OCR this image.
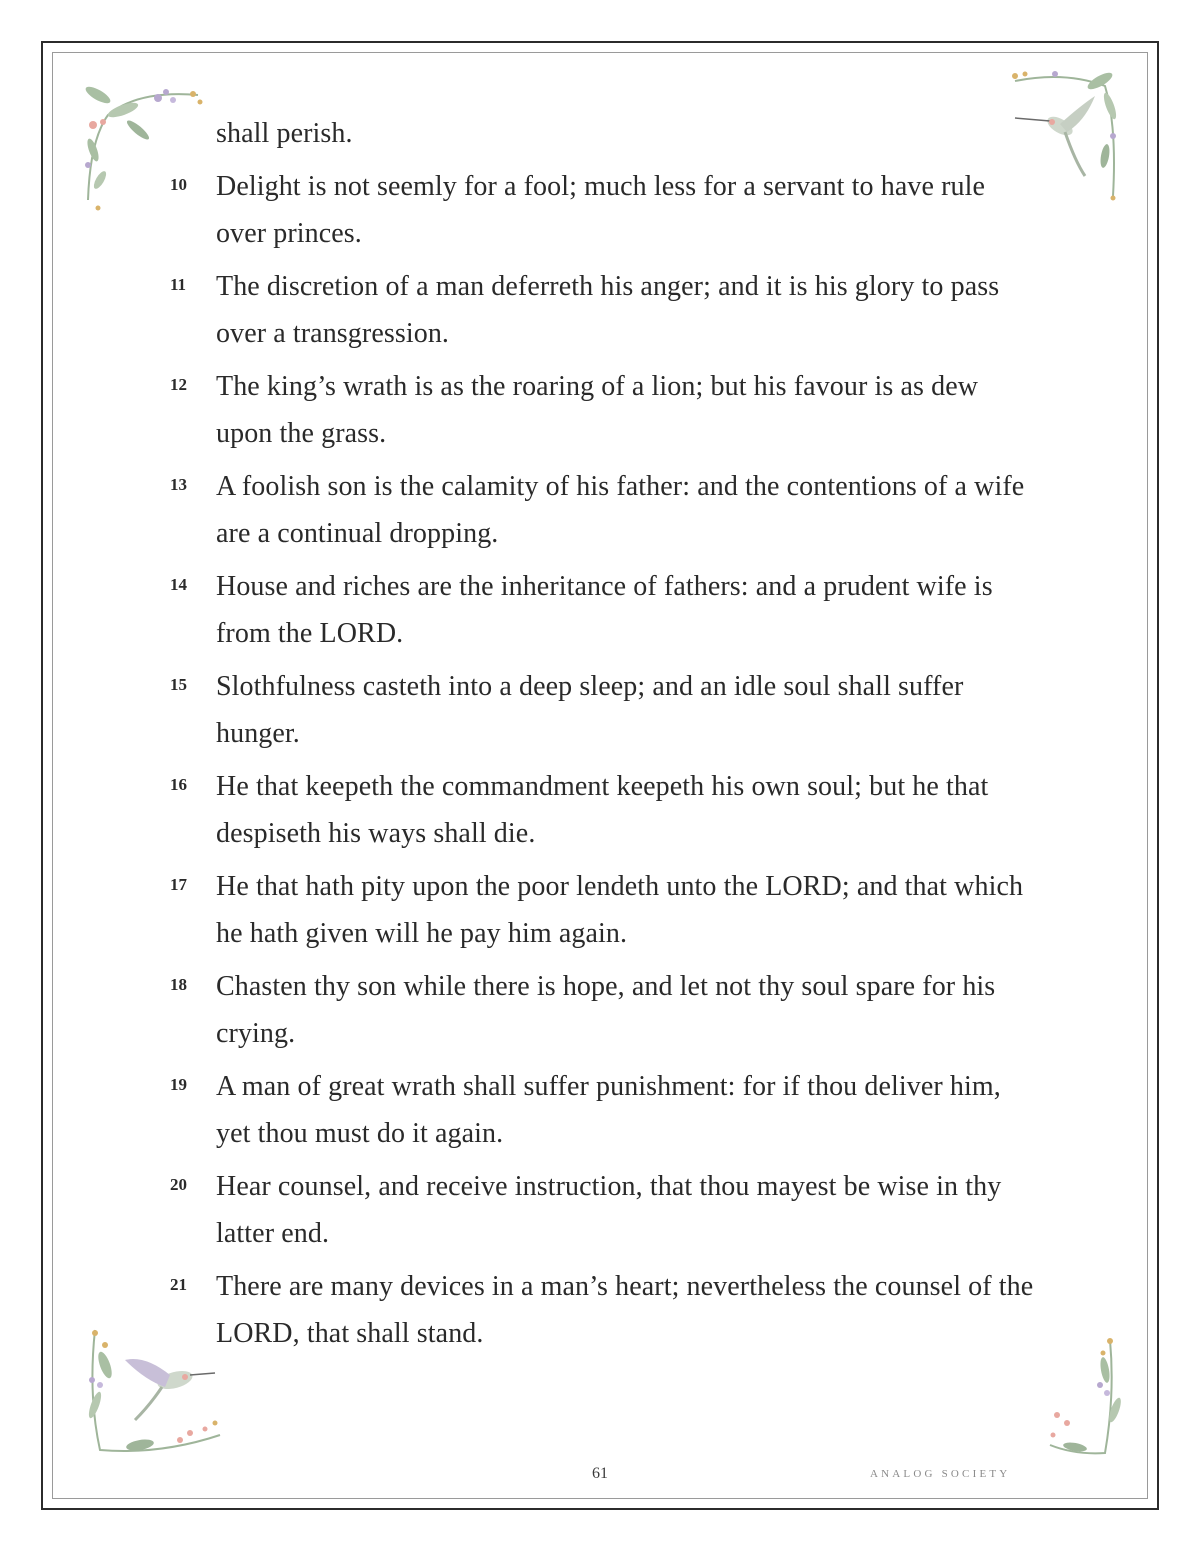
shall perish.
10	Delight is not seemly for a fool; much less for a servant to have rule over princes.
11	The discretion of a man deferreth his anger; and it is his glory to pass over a transgression.
12	The king’s wrath is as the roaring of a lion; but his favour is as dew upon the grass.
13	A foolish son is the calamity of his father: and the contentions of a wife are a continual dropping.
14	House and riches are the inheritance of fathers: and a prudent wife is from the LORD.
15	Slothfulness casteth into a deep sleep; and an idle soul shall suffer hunger.
16	He that keepeth the commandment keepeth his own soul; but he that despiseth his ways shall die.
17	He that hath pity upon the poor lendeth unto the LORD; and that which he hath given will he pay him again.
18	Chasten thy son while there is hope, and let not thy soul spare for his crying.
19	A man of great wrath shall suffer punishment: for if thou deliver him, yet thou must do it again.
20	Hear counsel, and receive instruction, that thou mayest be wise in thy latter end.
21	There are many devices in a man’s heart; nevertheless the counsel of the LORD, that shall stand.
61	ANALOG SOCIETY
